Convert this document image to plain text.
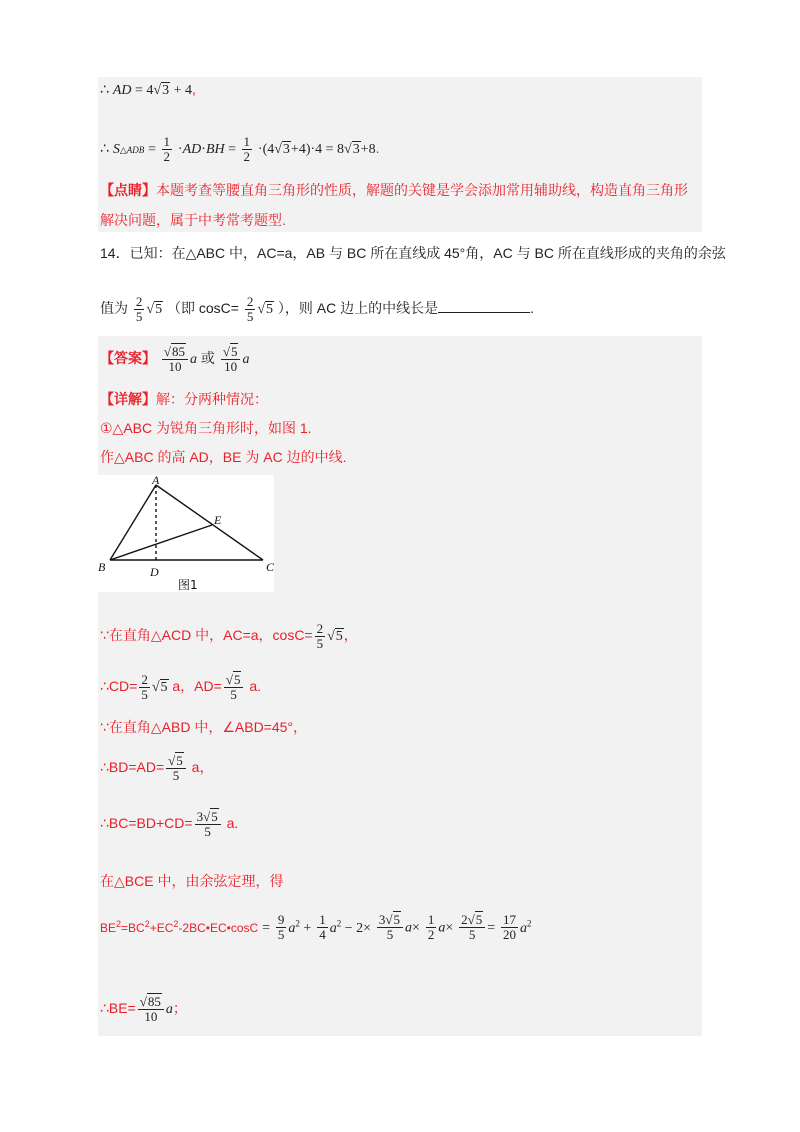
∴ AD = 4√3 + 4,
∴ S△ADB = $\frac{1}{2} \cdot AD\cdot BH = \frac{1}{2} \cdot(4√3+4)\cdot 4 = 8√3+8$.
【点睛】本题考查等腰直角三角形的性质，解题的关键是学会添加常用辅助线，构造直角三角形
解决问题，属于中考常考题型.
14．已知：在△ABC 中，AC=a，AB 与 BC 所在直线成 45°角，AC 与 BC 所在直线形成的夹角的余弦
值为 $\frac{2}{5} √5$ （即 $\cos C= \frac{2}{5} √5$ ），则 AC 边上的中线长是	.
【答案】 $\frac{√85}{10}$ a 或 $\frac{√5}{10}$ a
【详解】解：分两种情况：
①△ABC 为锐角三角形时，如图 1.
作△ABC 的高 AD，BE 为 AC 边的中线.
A
B	C
D
E
图1
∵在直角△ACD 中，AC=a，$\cos C= \frac{2}{5} √5$，
∴CD= $\frac{2}{5} √5$ a，$AD= \frac{√5}{5} a$.
∵在直角△ABD 中，∠ABD=45°，
∴BD=AD= $\frac{√5}{5}$ a，
∴BC=BD+CD= $\frac{3√5}{5} a$.
在△BCE 中，由余弦定理，得
$BE^2=BC^2+EC^2-2BC•EC•\cos C = \frac{9}{5} a^2 + \frac{1}{4} a^2 - 2\times \frac{3√5}{5} a\times \frac{1}{2} a\times \frac{2√5}{5} = \frac{17}{20} a^2$
∴BE= $\frac{√85}{10}$ a；
